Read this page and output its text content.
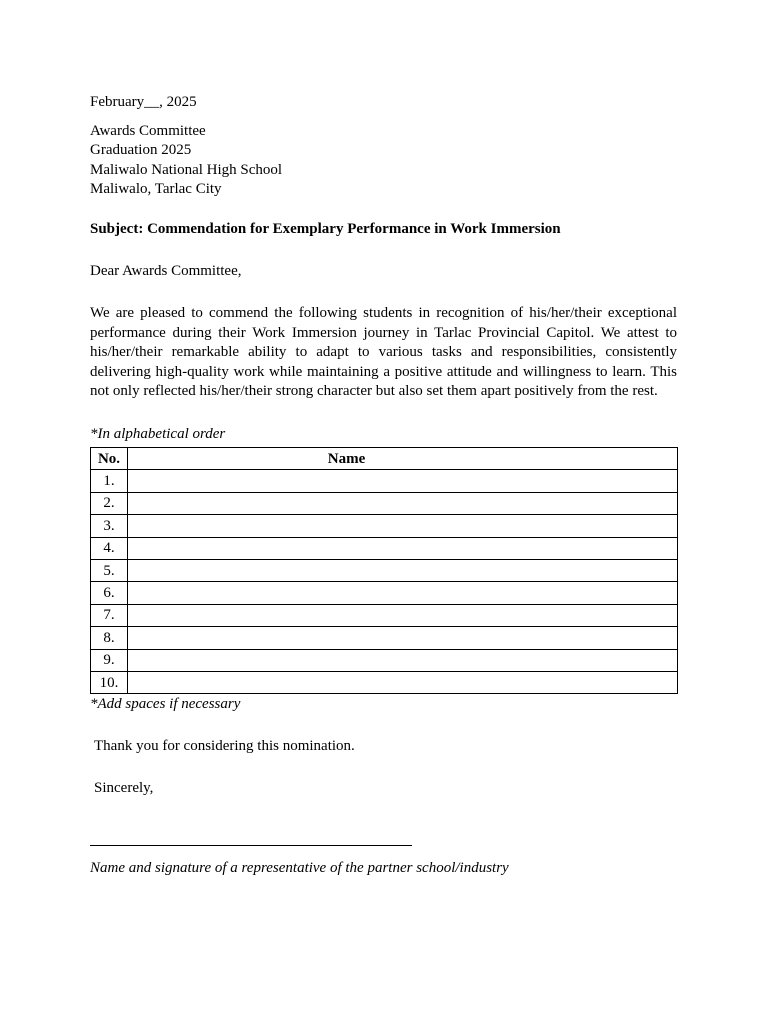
February__, 2025
Awards Committee
Graduation 2025
Maliwalo National High School
Maliwalo, Tarlac City
Subject: Commendation for Exemplary Performance in Work Immersion
Dear Awards Committee,
We are pleased to commend the following students in recognition of his/her/their exceptional performance during their Work Immersion journey in Tarlac Provincial Capitol. We attest to his/her/their remarkable ability to adapt to various tasks and responsibilities, consistently delivering high-quality work while maintaining a positive attitude and willingness to learn. This not only reflected his/her/their strong character but also set them apart positively from the rest.
*In alphabetical order
No.	Name
1.	
2.	
3.	
4.	
5.	
6.	
7.	
8.	
9.	
10.	
*Add spaces if necessary
Thank you for considering this nomination.
Sincerely,
Name and signature of a representative of the partner school/industry
